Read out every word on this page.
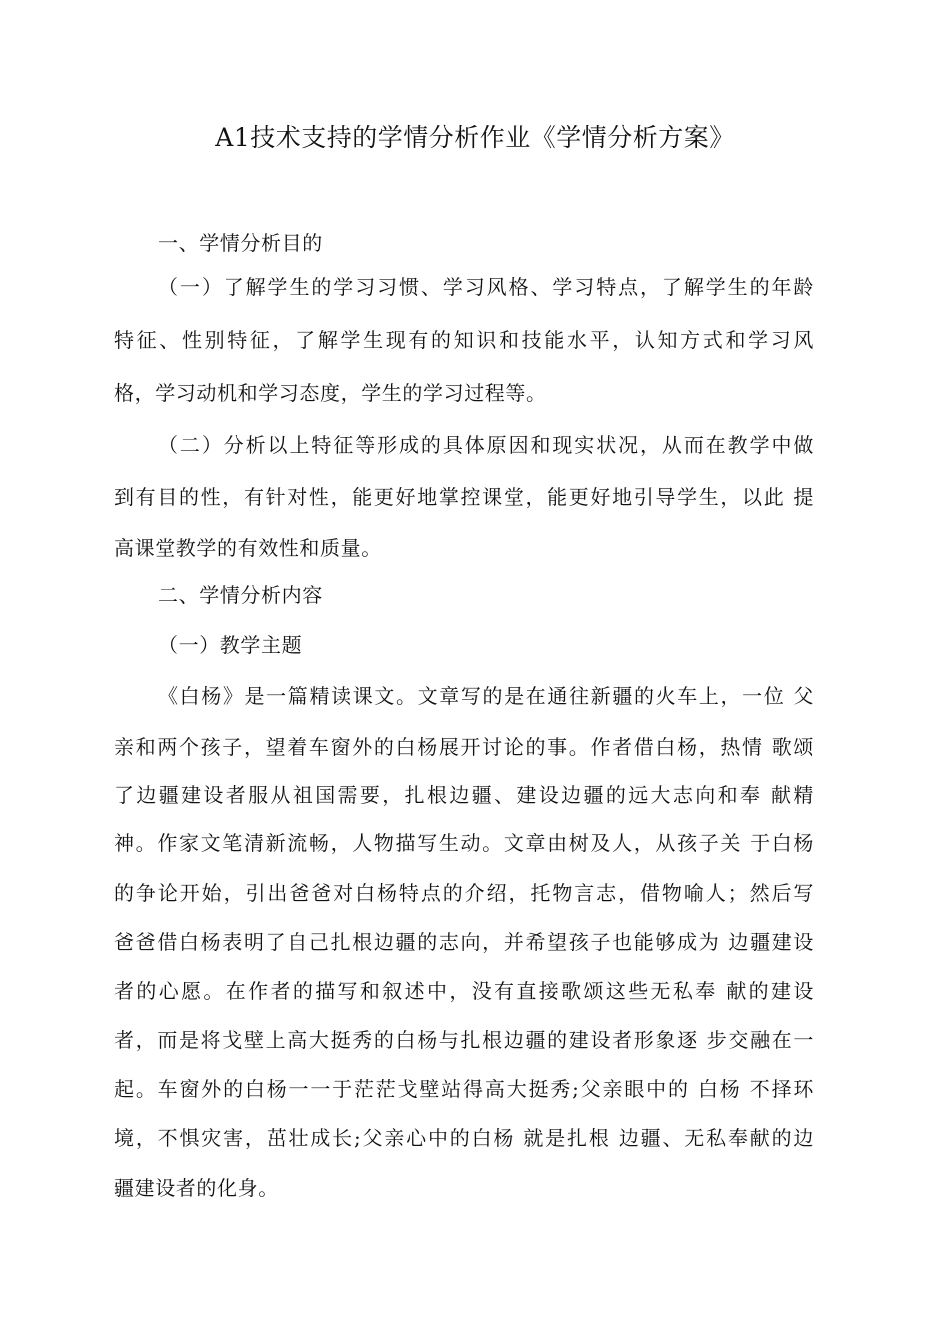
A1技术支持的学情分析作业《学情分析方案》
一、学情分析目的
（一）了解学生的学习习惯、学习风格、学习特点，了解学生的年龄
特征、性别特征，了解学生现有的知识和技能水平，认知方式和学习风
格，学习动机和学习态度，学生的学习过程等。
（二）分析以上特征等形成的具体原因和现实状况，从而在教学中做
到有目的性，有针对性，能更好地掌控课堂，能更好地引导学生，以此 提
高课堂教学的有效性和质量。
二、学情分析内容
（一）教学主题
《白杨》是一篇精读课文。文章写的是在通往新疆的火车上，一位 父
亲和两个孩子，望着车窗外的白杨展开讨论的事。作者借白杨，热情 歌颂
了边疆建设者服从祖国需要，扎根边疆、建设边疆的远大志向和奉 献精
神。作家文笔清新流畅，人物描写生动。文章由树及人，从孩子关 于白杨
的争论开始，引出爸爸对白杨特点的介绍，托物言志，借物喻人；然后写
爸爸借白杨表明了自己扎根边疆的志向，并希望孩子也能够成为 边疆建设
者的心愿。在作者的描写和叙述中，没有直接歌颂这些无私奉 献的建设
者，而是将戈壁上高大挺秀的白杨与扎根边疆的建设者形象逐 步交融在一
起。车窗外的白杨一一于茫茫戈壁站得高大挺秀;父亲眼中的 白杨 不择环
境，不惧灾害，茁壮成长;父亲心中的白杨 就是扎根 边疆、无私奉献的边
疆建设者的化身。
